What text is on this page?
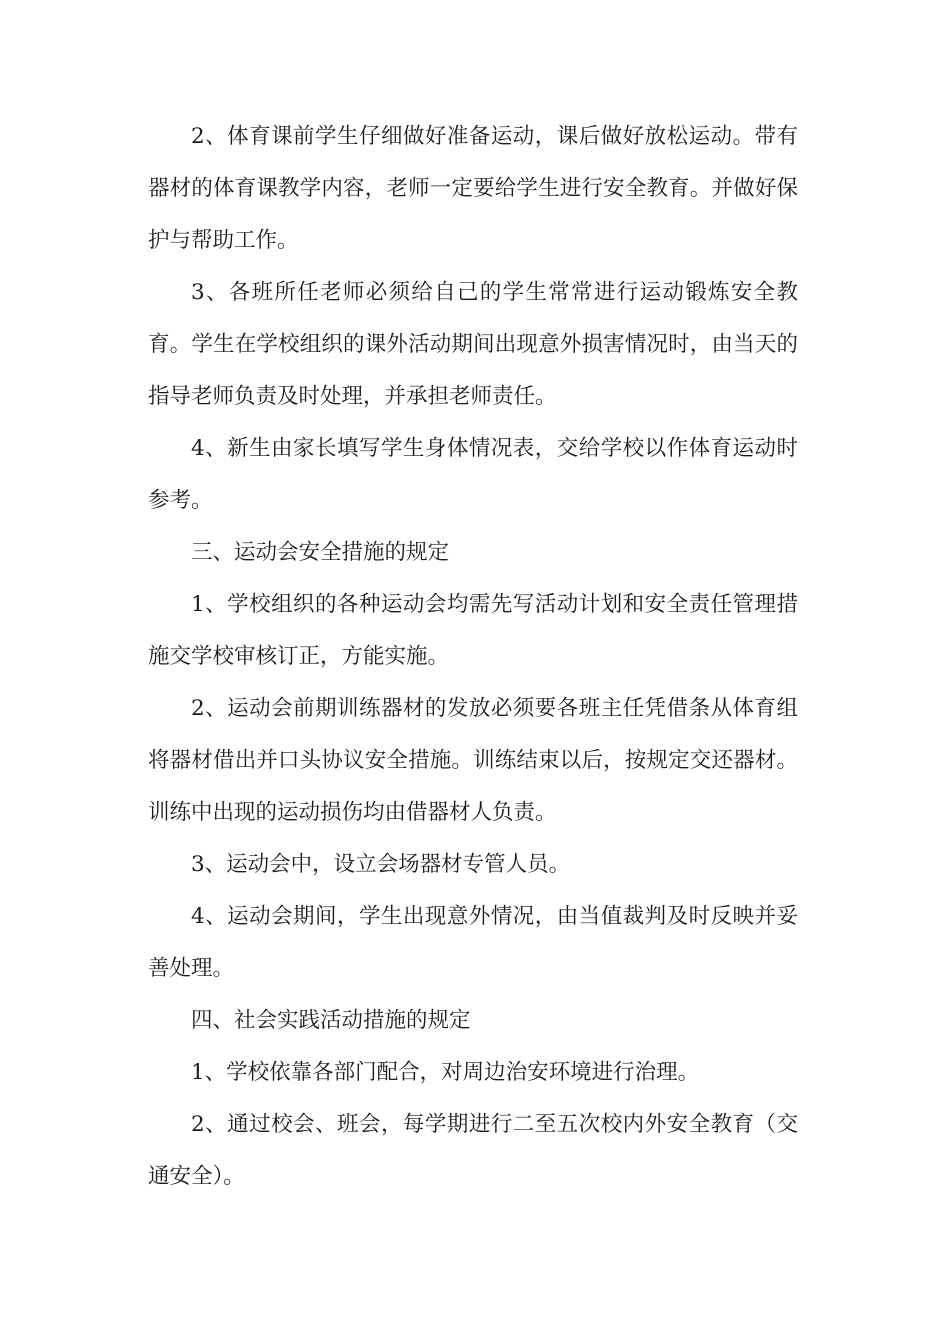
2、体育课前学生仔细做好准备运动，课后做好放松运动。带有器材的体育课教学内容，老师一定要给学生进行安全教育。并做好保护与帮助工作。

3、各班所任老师必须给自己的学生常常进行运动锻炼安全教育。学生在学校组织的课外活动期间出现意外损害情况时，由当天的指导老师负责及时处理，并承担老师责任。

4、新生由家长填写学生身体情况表，交给学校以作体育运动时参考。

三、运动会安全措施的规定

1、学校组织的各种运动会均需先写活动计划和安全责任管理措施交学校审核订正，方能实施。

2、运动会前期训练器材的发放必须要各班主任凭借条从体育组将器材借出并口头协议安全措施。训练结束以后，按规定交还器材。训练中出现的运动损伤均由借器材人负责。

3、运动会中，设立会场器材专管人员。

4、运动会期间，学生出现意外情况，由当值裁判及时反映并妥善处理。

四、社会实践活动措施的规定

1、学校依靠各部门配合，对周边治安环境进行治理。

2、通过校会、班会，每学期进行二至五次校内外安全教育（交通安全）。
